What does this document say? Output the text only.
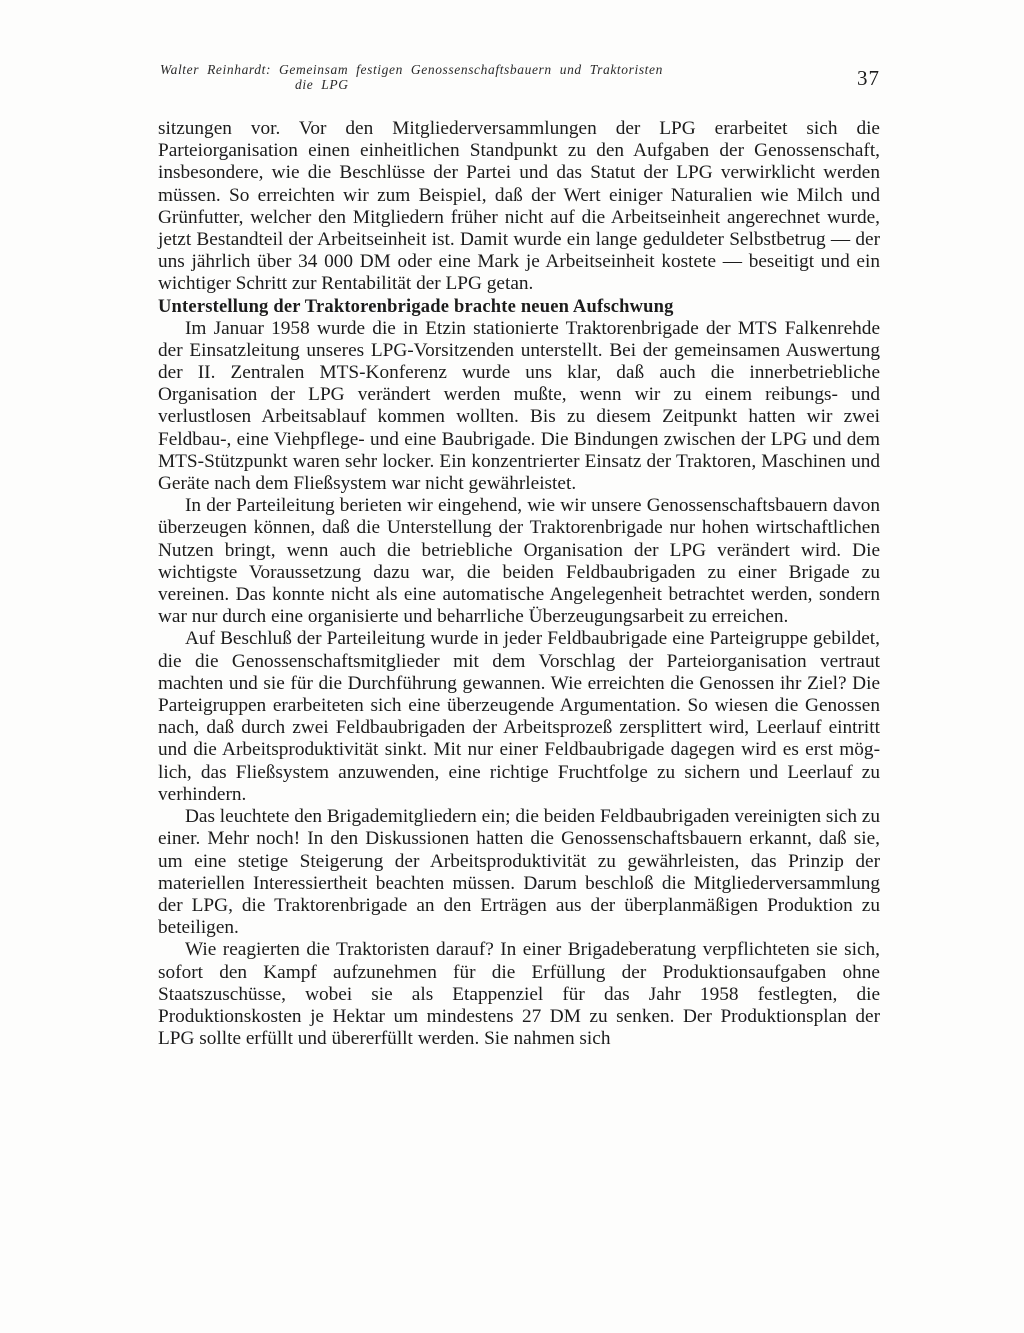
Walter Reinhardt: Gemeinsam festigen Genossenschaftsbauern und Traktoristen
die LPG	37

sitzungen vor. Vor den Mitgliederversammlungen der LPG erarbeitet sich die Parteiorganisation einen einheitlichen Standpunkt zu den Aufgaben der Genossenschaft, insbesondere, wie die Beschlüsse der Partei und das Statut der LPG verwirklicht werden müssen. So erreichten wir zum Beispiel, daß der Wert einiger Naturalien wie Milch und Grünfutter, welcher den Mitgliedern früher nicht auf die Arbeitseinheit angerechnet wurde, jetzt Bestandteil der Arbeitseinheit ist. Damit wurde ein lange geduldeter Selbstbetrug — der uns jährlich über 34 000 DM oder eine Mark je Arbeitseinheit kostete — beseitigt und ein wichtiger Schritt zur Rentabilität der LPG getan.

Unterstellung der Traktorenbrigade brachte neuen Aufschwung

Im Januar 1958 wurde die in Etzin stationierte Traktorenbrigade der MTS Falkenrehde der Einsatzleitung unseres LPG-Vorsitzenden unterstellt. Bei der gemeinsamen Auswertung der II. Zentralen MTS-Konferenz wurde uns klar, daß auch die innerbetriebliche Organisation der LPG verändert werden mußte, wenn wir zu einem reibungs- und verlustlosen Arbeitsablauf kommen wollten. Bis zu diesem Zeitpunkt hatten wir zwei Feldbau-, eine Viehpflege- und eine Baubrigade. Die Bindungen zwischen der LPG und dem MTS-Stützpunkt waren sehr locker. Ein konzentrierter Einsatz der Traktoren, Maschinen und Geräte nach dem Fließsystem war nicht gewährleistet.

In der Parteileitung berieten wir eingehend, wie wir unsere Genossenschaftsbauern davon überzeugen können, daß die Unterstellung der Traktorenbrigade nur hohen wirtschaftlichen Nutzen bringt, wenn auch die betriebliche Organisation der LPG verändert wird. Die wichtigste Voraussetzung dazu war, die beiden Feldbaubrigaden zu einer Brigade zu vereinen. Das konnte nicht als eine automatische Angelegenheit betrachtet werden, sondern war nur durch eine organisierte und beharrliche Überzeugungsarbeit zu erreichen.

Auf Beschluß der Parteileitung wurde in jeder Feldbaubrigade eine Parteigruppe gebildet, die die Genossenschaftsmitglieder mit dem Vorschlag der Parteiorganisation vertraut machten und sie für die Durchführung gewannen. Wie erreichten die Genossen ihr Ziel? Die Parteigruppen erarbeiteten sich eine überzeugende Argumentation. So wiesen die Genossen nach, daß durch zwei Feldbaubrigaden der Arbeitsprozeß zersplittert wird, Leerlauf eintritt und die Arbeitsproduktivität sinkt. Mit nur einer Feldbaubrigade dagegen wird es erst möglich, das Fließsystem anzuwenden, eine richtige Fruchtfolge zu sichern und Leerlauf zu verhindern.

Das leuchtete den Brigademitgliedern ein; die beiden Feldbaubrigaden vereinigten sich zu einer. Mehr noch! In den Diskussionen hatten die Genossenschaftsbauern erkannt, daß sie, um eine stetige Steigerung der Arbeitsproduktivität zu gewährleisten, das Prinzip der materiellen Interessiertheit beachten müssen. Darum beschloß die Mitgliederversammlung der LPG, die Traktorenbrigade an den Erträgen aus der überplanmäßigen Produktion zu beteiligen.

Wie reagierten die Traktoristen darauf? In einer Brigadeberatung verpflichteten sie sich, sofort den Kampf aufzunehmen für die Erfüllung der Produktionsaufgaben ohne Staatszuschüsse, wobei sie als Etappenziel für das Jahr 1958 festlegten, die Produktionskosten je Hektar um mindestens 27 DM zu senken. Der Produktionsplan der LPG sollte erfüllt und übererfüllt werden. Sie nahmen sich
